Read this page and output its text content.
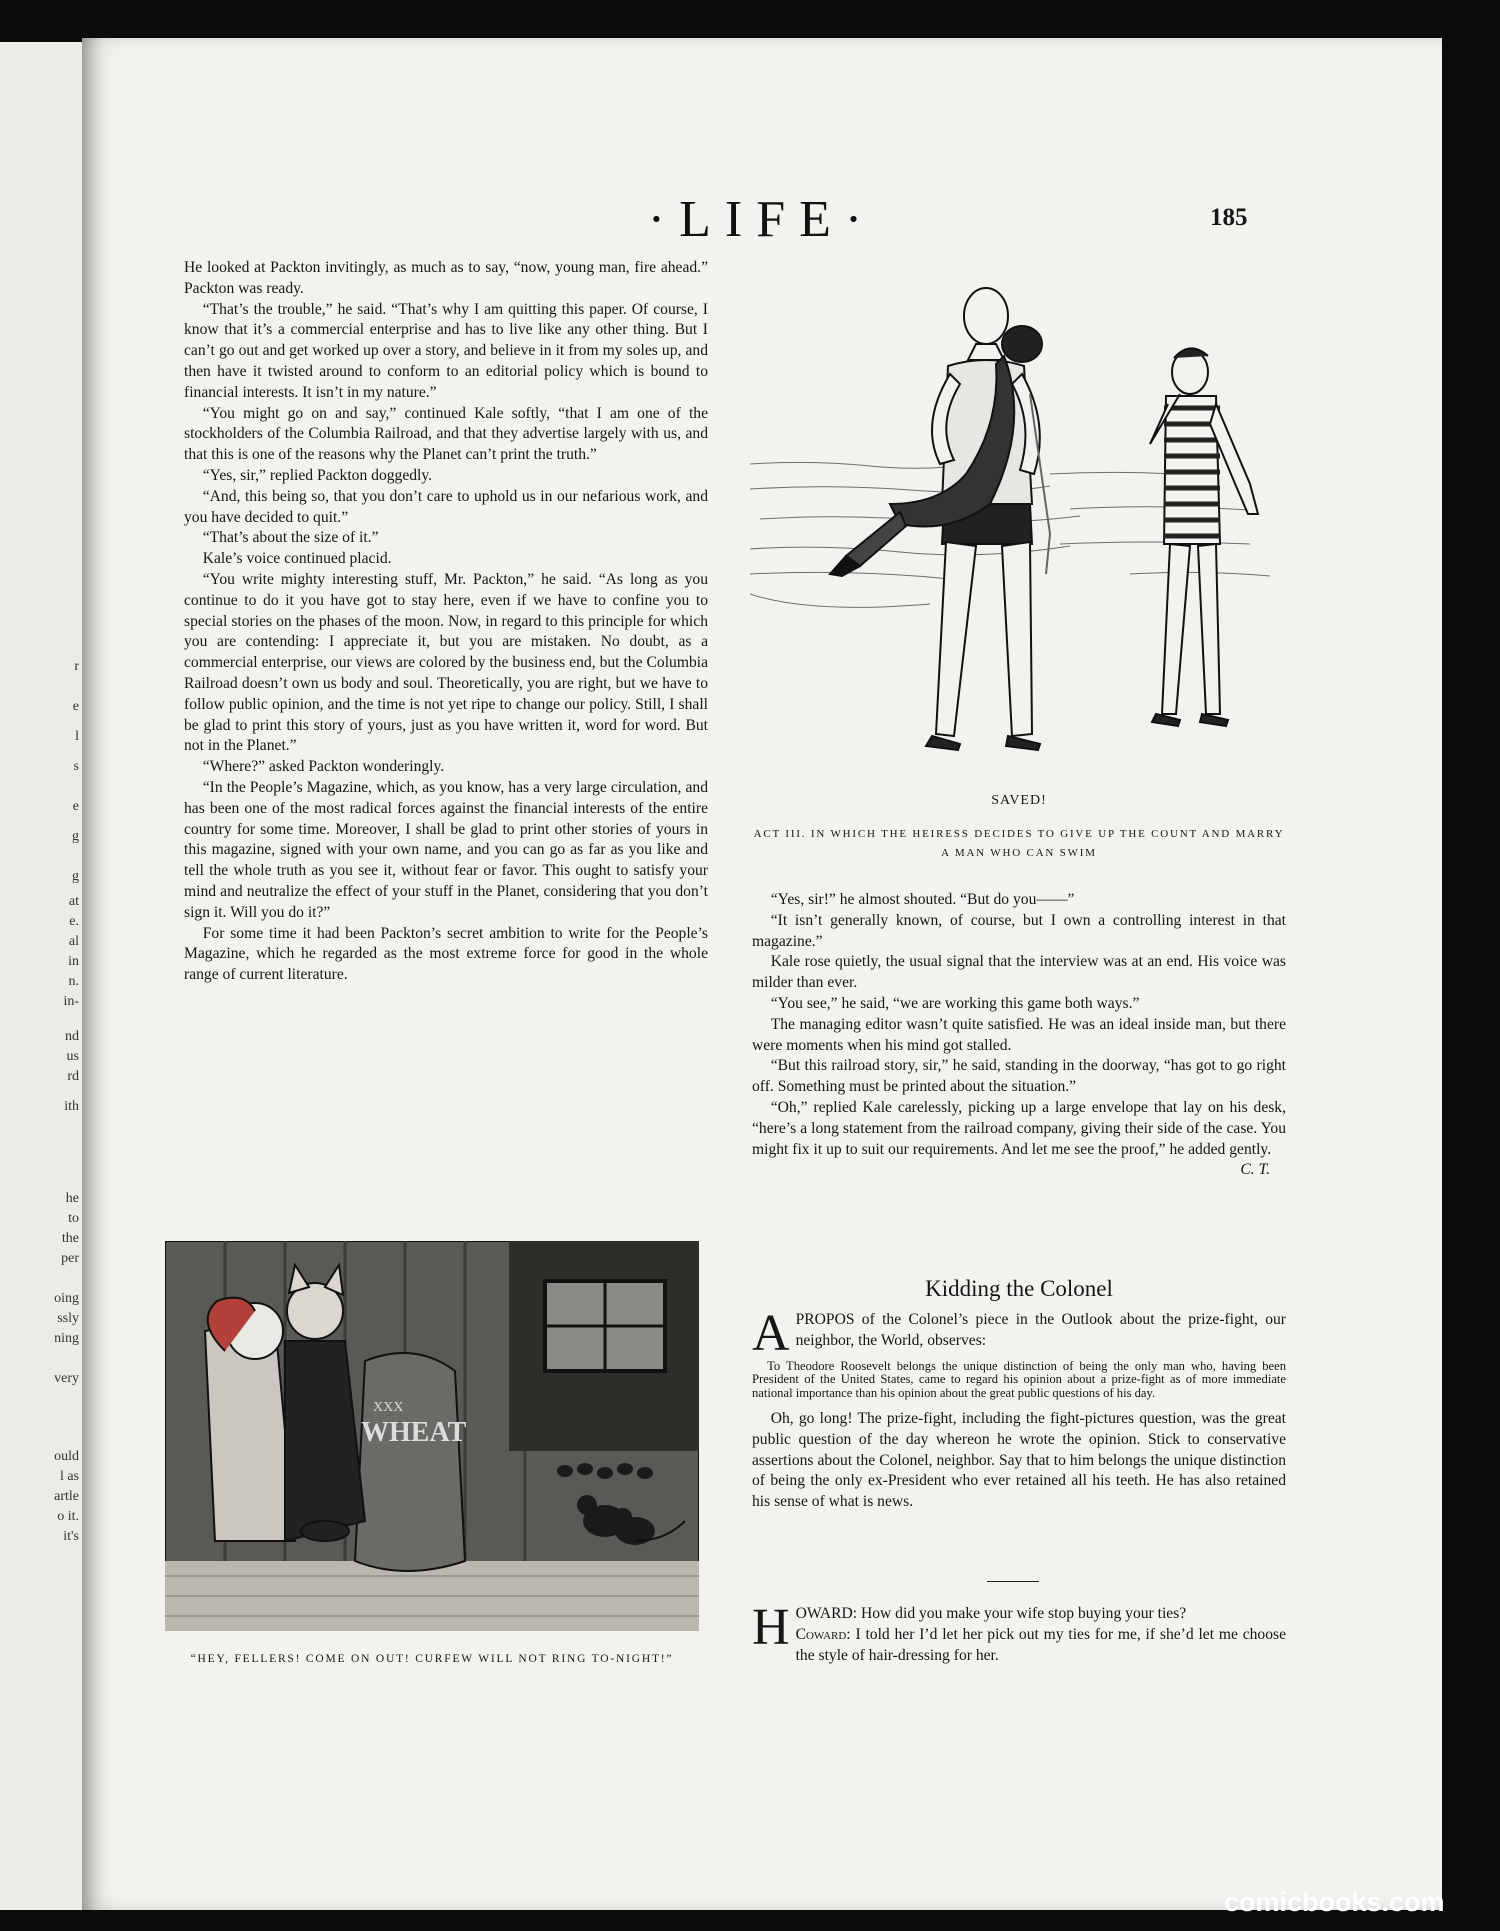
r
e
l
s
e
g
g
at
e.
al
in
n.
in-
nd
us
rd
ith
he
to
the
per
oing
ssly
ning
very
ould
l as
artle
o it.
it's
·LIFE·	185

He looked at Packton invitingly, as much as to say, “now, young man, fire ahead.” Packton was ready.

“That’s the trouble,” he said. “That’s why I am quitting this paper. Of course, I know that it’s a commercial enterprise and has to live like any other thing. But I can’t go out and get worked up over a story, and believe in it from my soles up, and then have it twisted around to conform to an editorial policy which is bound to financial interests. It isn’t in my nature.”

“You might go on and say,” continued Kale softly, “that I am one of the stockholders of the Columbia Railroad, and that they advertise largely with us, and that this is one of the reasons why the Planet can’t print the truth.”

“Yes, sir,” replied Packton doggedly.

“And, this being so, that you don’t care to uphold us in our nefarious work, and you have decided to quit.”

“That’s about the size of it.”

Kale’s voice continued placid.

“You write mighty interesting stuff, Mr. Packton,” he said. “As long as you continue to do it you have got to stay here, even if we have to confine you to special stories on the phases of the moon. Now, in regard to this principle for which you are contending: I appreciate it, but you are mistaken. No doubt, as a commercial enterprise, our views are colored by the business end, but the Columbia Railroad doesn’t own us body and soul. Theoretically, you are right, but we have to follow public opinion, and the time is not yet ripe to change our policy. Still, I shall be glad to print this story of yours, just as you have written it, word for word. But not in the Planet.”

“Where?” asked Packton wonderingly.

“In the People’s Magazine, which, as you know, has a very large circulation, and has been one of the most radical forces against the financial interests of the entire country for some time. Moreover, I shall be glad to print other stories of yours in this magazine, signed with your own name, and you can go as far as you like and tell the whole truth as you see it, without fear or favor. This ought to satisfy your mind and neutralize the effect of your stuff in the Planet, considering that you don’t sign it. Will you do it?”

For some time it had been Packton’s secret ambition to write for the People’s Magazine, which he regarded as the most extreme force for good in the whole range of current literature.

SAVED!
ACT III. IN WHICH THE HEIRESS DECIDES TO GIVE UP THE COUNT AND MARRY A MAN WHO CAN SWIM

“Yes, sir!” he almost shouted. “But do you——”

“It isn’t generally known, of course, but I own a controlling interest in that magazine.”

Kale rose quietly, the usual signal that the interview was at an end. His voice was milder than ever.

“You see,” he said, “we are working this game both ways.”

The managing editor wasn’t quite satisfied. He was an ideal inside man, but there were moments when his mind got stalled.

“But this railroad story, sir,” he said, standing in the doorway, “has got to go right off. Something must be printed about the situation.”

“Oh,” replied Kale carelessly, picking up a large envelope that lay on his desk, “here’s a long statement from the railroad company, giving their side of the case. You might fix it up to suit our requirements. And let me see the proof,” he added gently.
C. T.

XXX
WHEAT
“HEY, FELLERS! COME ON OUT! CURFEW WILL NOT RING TO-NIGHT!”
Kidding the Colonel

APROPOS of the Colonel’s piece in the Outlook about the prize-fight, our neighbor, the World, observes:

To Theodore Roosevelt belongs the unique distinction of being the only man who, having been President of the United States, came to regard his opinion about a prize-fight as of more immediate national importance than his opinion about the great public questions of his day.

Oh, go long! The prize-fight, including the fight-pictures question, was the great public question of the day whereon he wrote the opinion. Stick to conservative assertions about the Colonel, neighbor. Say that to him belongs the unique distinction of being the only ex-President who ever retained all his teeth. He has also retained his sense of what is news.

HOWARD: How did you make your wife stop buying your ties?

Coward: I told her I’d let her pick out my ties for me, if she’d let me choose the style of hair-dressing for her.

comicbooks.com
